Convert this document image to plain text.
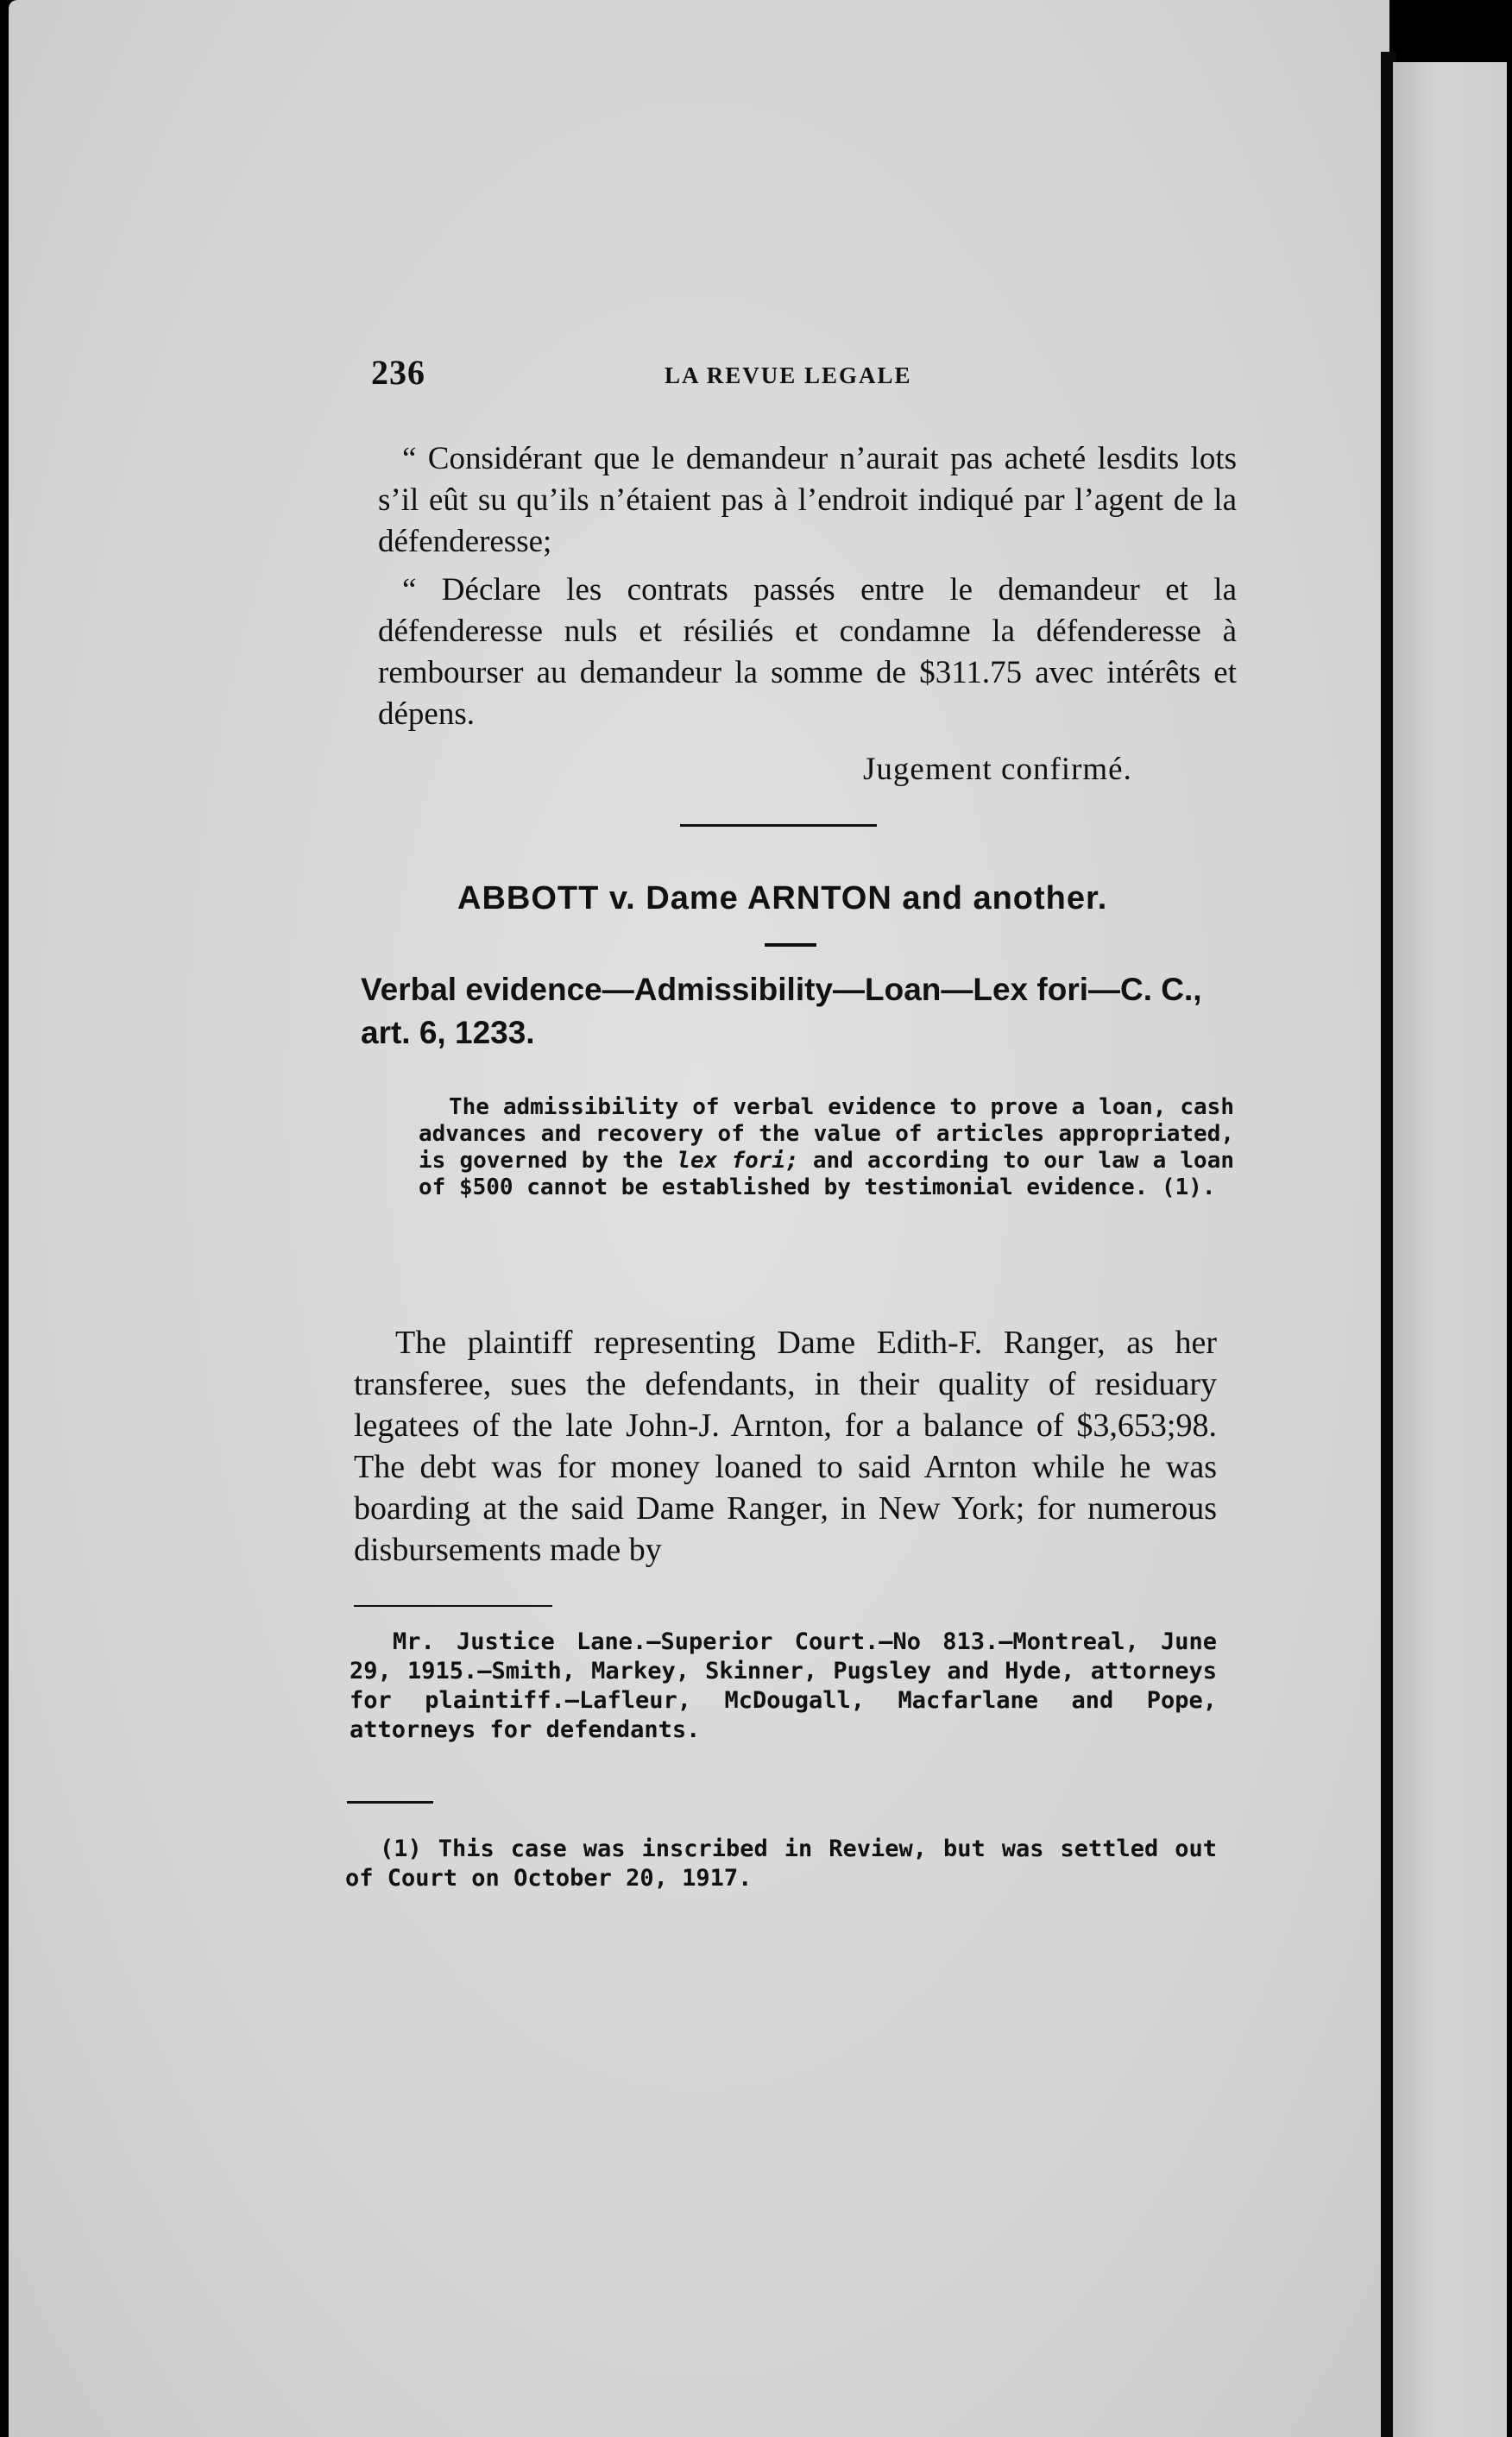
236	LA REVUE LEGALE
“ Considérant que le demandeur n’aurait pas acheté lesdits lots s’il eût su qu’ils n’étaient pas à l’endroit indiqué par l’agent de la défenderesse;
“ Déclare les contrats passés entre le demandeur et la défenderesse nuls et résiliés et condamne la défenderesse à rembourser au demandeur la somme de $311.75 avec intérêts et dépens.
Jugement confirmé.
ABBOTT v. Dame ARNTON and another.
Verbal evidence—Admissibility—Loan—Lex fori—C. C., art. 6, 1233.
The admissibility of verbal evidence to prove a loan, cash advances and recovery of the value of articles appropriated, is governed by the lex fori; and according to our law a loan of $500 cannot be established by testimonial evidence. (1).
The plaintiff representing Dame Edith-F. Ranger, as her transferee, sues the defendants, in their quality of residuary legatees of the late John-J. Arnton, for a balance of $3,653;98. The debt was for money loaned to said Arnton while he was boarding at the said Dame Ranger, in New York; for numerous disbursements made by
Mr. Justice Lane.—Superior Court.—No 813.—Montreal, June 29, 1915.—Smith, Markey, Skinner, Pugsley and Hyde, attorneys for plaintiff.—Lafleur, McDougall, Macfarlane and Pope, attorneys for defendants.
(1) This case was inscribed in Review, but was settled out of Court on October 20, 1917.
